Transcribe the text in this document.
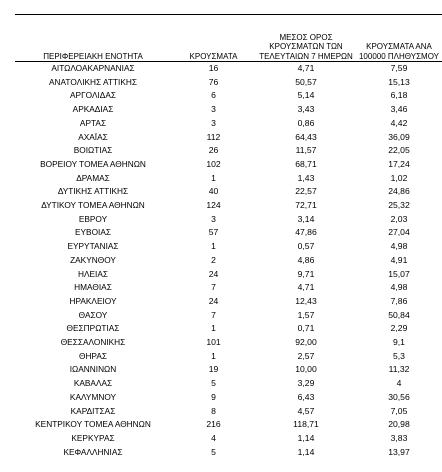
ΠΕΡΙΦΕΡΕΙΑΚΗ ΕΝΟΤΗΤΑ	ΚΡΟΥΣΜΑΤΑ	ΜΕΣΟΣ ΟΡΟΣ ΚΡΟΥΣΜΑΤΩΝ ΤΩΝ ΤΕΛΕΥΤΑΙΩΝ 7 ΗΜΕΡΩΝ	ΚΡΟΥΣΜΑΤΑ ΑΝΑ 100000 ΠΛΗΘΥΣΜΟΥ
ΑΙΤΩΛΟΑΚΑΡΝΑΝΙΑΣ	16	4,71	7,59
ΑΝΑΤΟΛΙΚΗΣ ΑΤΤΙΚΗΣ	76	50,57	15,13
ΑΡΓΟΛΙΔΑΣ	6	5,14	6,18
ΑΡΚΑΔΙΑΣ	3	3,43	3,46
ΑΡΤΑΣ	3	0,86	4,42
ΑΧΑΪΑΣ	112	64,43	36,09
ΒΟΙΩΤΙΑΣ	26	11,57	22,05
ΒΟΡΕΙΟΥ ΤΟΜΕΑ ΑΘΗΝΩΝ	102	68,71	17,24
ΔΡΑΜΑΣ	1	1,43	1,02
ΔΥΤΙΚΗΣ ΑΤΤΙΚΗΣ	40	22,57	24,86
ΔΥΤΙΚΟΥ ΤΟΜΕΑ ΑΘΗΝΩΝ	124	72,71	25,32
ΕΒΡΟΥ	3	3,14	2,03
ΕΥΒΟΙΑΣ	57	47,86	27,04
ΕΥΡΥΤΑΝΙΑΣ	1	0,57	4,98
ΖΑΚΥΝΘΟΥ	2	4,86	4,91
ΗΛΕΙΑΣ	24	9,71	15,07
ΗΜΑΘΙΑΣ	7	4,71	4,98
ΗΡΑΚΛΕΙΟΥ	24	12,43	7,86
ΘΑΣΟΥ	7	1,57	50,84
ΘΕΣΠΡΩΤΙΑΣ	1	0,71	2,29
ΘΕΣΣΑΛΟΝΙΚΗΣ	101	92,00	9,1
ΘΗΡΑΣ	1	2,57	5,3
ΙΩΑΝΝΙΝΩΝ	19	10,00	11,32
ΚΑΒΑΛΑΣ	5	3,29	4
ΚΑΛΥΜΝΟΥ	9	6,43	30,56
ΚΑΡΔΙΤΣΑΣ	8	4,57	7,05
ΚΕΝΤΡΙΚΟΥ ΤΟΜΕΑ ΑΘΗΝΩΝ	216	118,71	20,98
ΚΕΡΚΥΡΑΣ	4	1,14	3,83
ΚΕΦΑΛΛΗΝΙΑΣ	5	1,14	13,97
